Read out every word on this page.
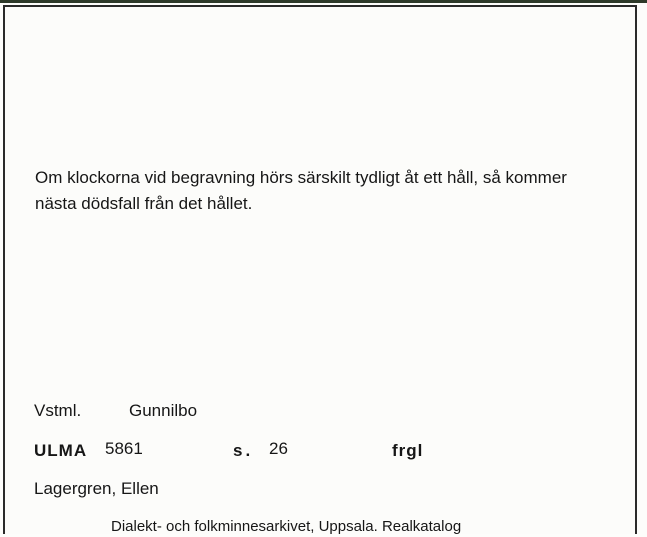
Om klockorna vid begravning hörs särskilt tydligt åt ett håll, så kommer nästa dödsfall från det hållet.

Vstml.	Gunnilbo
ULMA 5861	s. 26	frgl
Lagergren, Ellen
Dialekt- och folkminnesarkivet, Uppsala. Realkatalog
